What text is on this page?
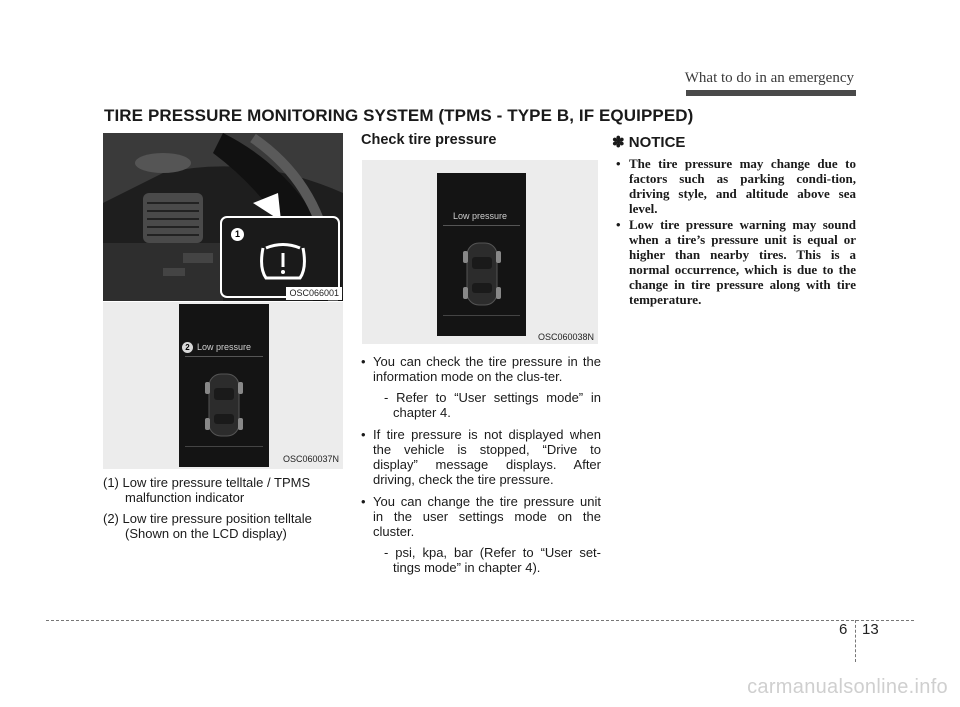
What to do in an emergency
TIRE PRESSURE MONITORING SYSTEM (TPMS - TYPE B, IF EQUIPPED)
1
OSC066001
2 Low pressure
OSC060037N

(1) Low tire pressure telltale / TPMS malfunction indicator

(2) Low tire pressure position telltale (Shown on the LCD display)

Check tire pressure
Low pressure
OSC060038N
• You can check the tire pressure in the information mode on the clus-ter.
- Refer to “User settings mode” in chapter 4.
• If tire pressure is not displayed when the vehicle is stopped, “Drive to display” message displays. After driving, check the tire pressure.
• You can change the tire pressure unit in the user settings mode on the cluster.
- psi, kpa, bar (Refer to “User set-tings mode” in chapter 4).
✽ NOTICE
• The tire pressure may change due to factors such as parking condi-tion, driving style, and altitude above sea level.
• Low tire pressure warning may sound when a tire’s pressure unit is equal or higher than nearby tires. This is a normal occurrence, which is due to the change in tire pressure along with tire temperature.
6 13
carmanualsonline.info
